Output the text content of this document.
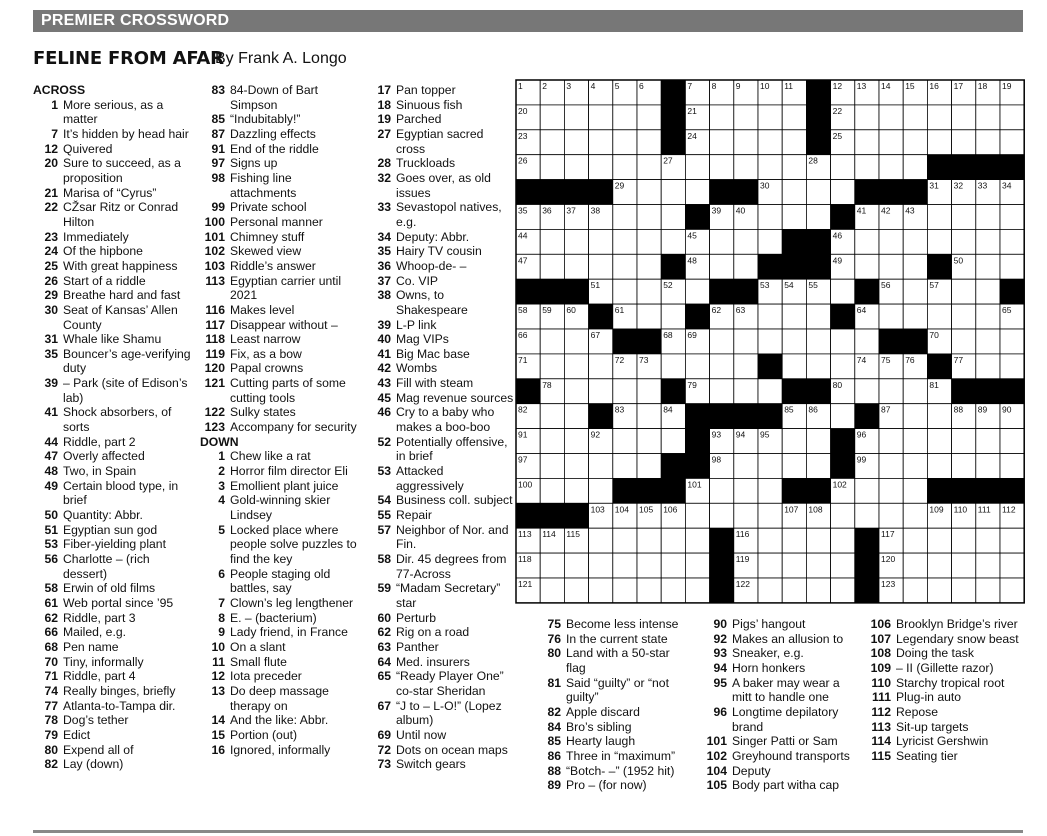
PREMIER CROSSWORD
FELINE FROM AFAR
By Frank A. Longo
ACROSS
1 More serious, as a matter
7 It’s hidden by head hair
12 Quivered
20 Sure to succeed, as a proposition
21 Marisa of “Cyrus”
22 CŽsar Ritz or Conrad Hilton
23 Immediately
24 Of the hipbone
25 With great happiness
26 Start of a riddle
29 Breathe hard and fast
30 Seat of Kansas’ Allen County
31 Whale like Shamu
35 Bouncer’s age-verifying duty
39 – Park (site of Edison’s lab)
41 Shock absorbers, of sorts
44 Riddle, part 2
47 Overly affected
48 Two, in Spain
49 Certain blood type, in brief
50 Quantity: Abbr.
51 Egyptian sun god
53 Fiber-yielding plant
56 Charlotte – (rich dessert)
58 Erwin of old films
61 Web portal since ’95
62 Riddle, part 3
66 Mailed, e.g.
68 Pen name
70 Tiny, informally
71 Riddle, part 4
74 Really binges, briefly
77 Atlanta-to-Tampa dir.
78 Dog’s tether
79 Edict
80 Expend all of
82 Lay (down)
83 84-Down of Bart Simpson
85 “Indubitably!”
87 Dazzling effects
91 End of the riddle
97 Signs up
98 Fishing line attachments
99 Private school
100 Personal manner
101 Chimney stuff
102 Skewed view
103 Riddle’s answer
113 Egyptian carrier until 2021
116 Makes level
117 Disappear without –
118 Least narrow
119 Fix, as a bow
120 Papal crowns
121 Cutting parts of some cutting tools
122 Sulky states
123 Accompany for security
DOWN
1 Chew like a rat
2 Horror film director Eli
3 Emollient plant juice
4 Gold-winning skier Lindsey
5 Locked place where people solve puzzles to find the key
6 People staging old battles, say
7 Clown’s leg lengthener
8 E. – (bacterium)
9 Lady friend, in France
10 On a slant
11 Small flute
12 Iota preceder
13 Do deep massage therapy on
14 And the like: Abbr.
15 Portion (out)
16 Ignored, informally
17 Pan topper
18 Sinuous fish
19 Parched
27 Egyptian sacred cross
28 Truckloads
32 Goes over, as old issues
33 Sevastopol natives, e.g.
34 Deputy: Abbr.
35 Hairy TV cousin
36 Whoop-de- –
37 Co. VIP
38 Owns, to Shakespeare
39 L-P link
40 Mag VIPs
41 Big Mac base
42 Wombs
43 Fill with steam
45 Mag revenue sources
46 Cry to a baby who makes a boo-boo
52 Potentially offensive, in brief
53 Attacked aggressively
54 Business coll. subject
55 Repair
57 Neighbor of Nor. and Fin.
58 Dir. 45 degrees from 77-Across
59 “Madam Secretary” star
60 Perturb
62 Rig on a road
63 Panther
64 Med. insurers
65 “Ready Player One” co-star Sheridan
67 “J to – L-O!” (Lopez album)
69 Until now
72 Dots on ocean maps
73 Switch gears
75 Become less intense
76 In the current state
80 Land with a 50-star flag
81 Said “guilty” or “not guilty”
82 Apple discard
84 Bro’s sibling
85 Hearty laugh
86 Three in “maximum”
88 “Botch- –” (1952 hit)
89 Pro – (for now)
90 Pigs’ hangout
92 Makes an allusion to
93 Sneaker, e.g.
94 Horn honkers
95 A baker may wear a mitt to handle one
96 Longtime depilatory brand
101 Singer Patti or Sam
102 Greyhound transports
104 Deputy
105 Body part witha cap
106 Brooklyn Bridge’s river
107 Legendary snow beast
108 Doing the task
109 – II (Gillette razor)
110 Starchy tropical root
111 Plug-in auto
112 Repose
113 Sit-up targets
114 Lyricist Gershwin
115 Seating tier
1 2 3 4 5 6	7 8 9 10 11	12 13 14 15 16 17 18 19
20	21	22
23	24	25
26	27	28
29	30	31 32 33 34
35 36 37 38	39 40	41 42 43
44	45	46
47	48	49	50
51	52	53 54 55	56	57
58 59 60	61	62 63	64	65
66	67	68 69	70
71	72 73	74 75 76	77
78	79	80	81
82	83	84	85 86	87	88 89 90
91	92	93 94 95	96
97	98	99
100	101	102
103 104 105 106	107 108	109 110 111 112
113 114 115	116	117
118	119	120
121	122	123
